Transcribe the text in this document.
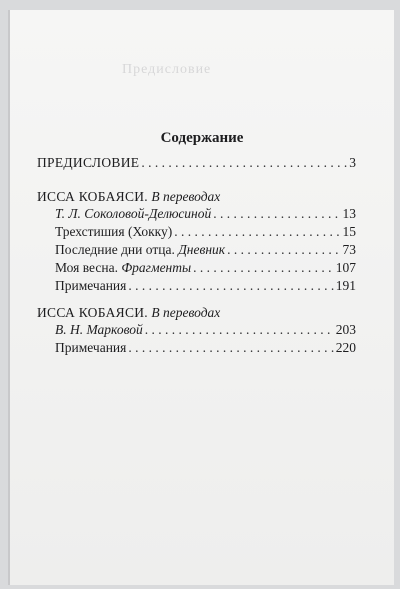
Предисловие
Содержание
ПРЕДИСЛОВИЕ . . .	3
ИССА КОБАЯСИ. В переводах
Т. Л. Соколовой-Делюсиной . . .	13
Трехстишия (Хокку) . . .	15
Последние дни отца. Дневник . . .	73
Моя весна. Фрагменты . . .	107
Примечания . . .	191
ИССА КОБАЯСИ. В переводах
В. Н. Марковой . . .	203
Примечания . . .	220
